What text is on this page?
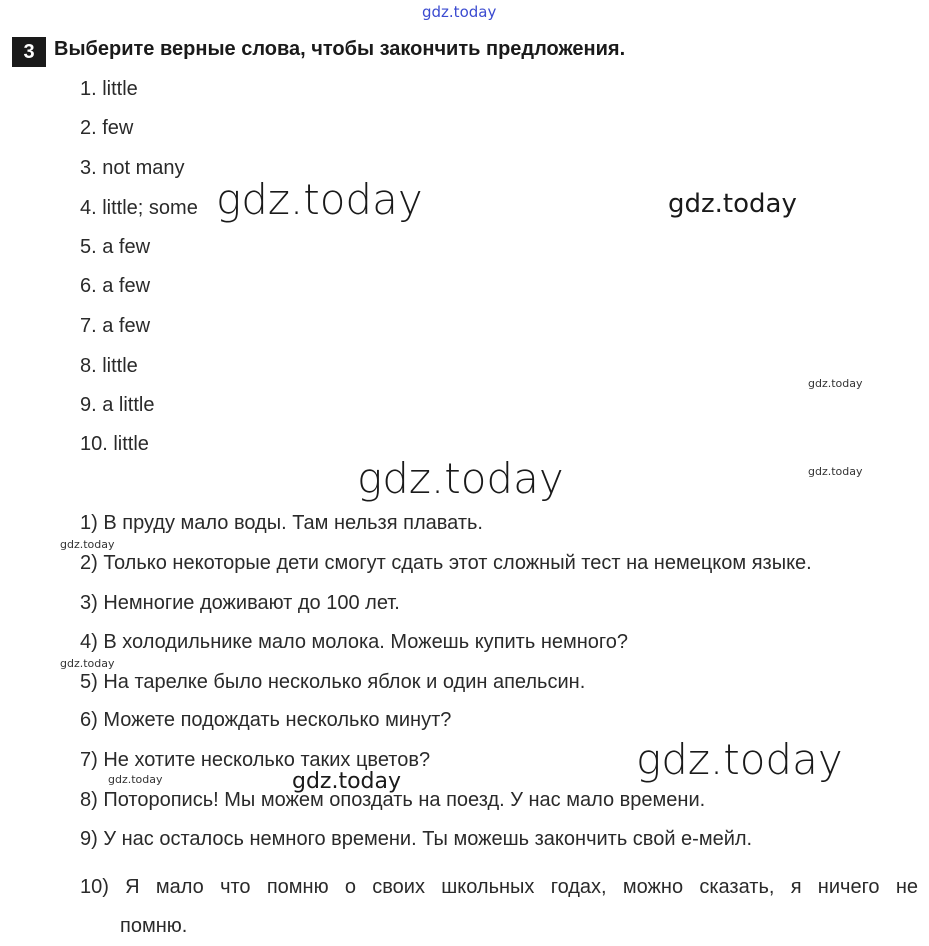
gdz.today
3 Выберите верные слова, чтобы закончить предложения.
1. little
2. few
3. not many
4. little; some
5. a few
6. a few
7. a few
8. little
9. a little
10. little
gdz.today	gdz.today
gdz.today
gdz.today	gdz.today
1) В пруду мало воды. Там нельзя плавать.
2) Только некоторые дети смогут сдать этот сложный тест на немецком языке.
3) Немногие доживают до 100 лет.
4) В холодильнике мало молока. Можешь купить немного?
5) На тарелке было несколько яблок и один апельсин.
6) Можете подождать несколько минут?
7) Не хотите несколько таких цветов?
8) Поторопись! Мы можем опоздать на поезд. У нас мало времени.
9) У нас осталось немного времени. Ты можешь закончить свой е-мейл.
10) Я мало что помню о своих школьных годах, можно сказать, я ничего не
помню.
gdz.today
gdz.today
gdz.today
gdz.today	gdz.today
